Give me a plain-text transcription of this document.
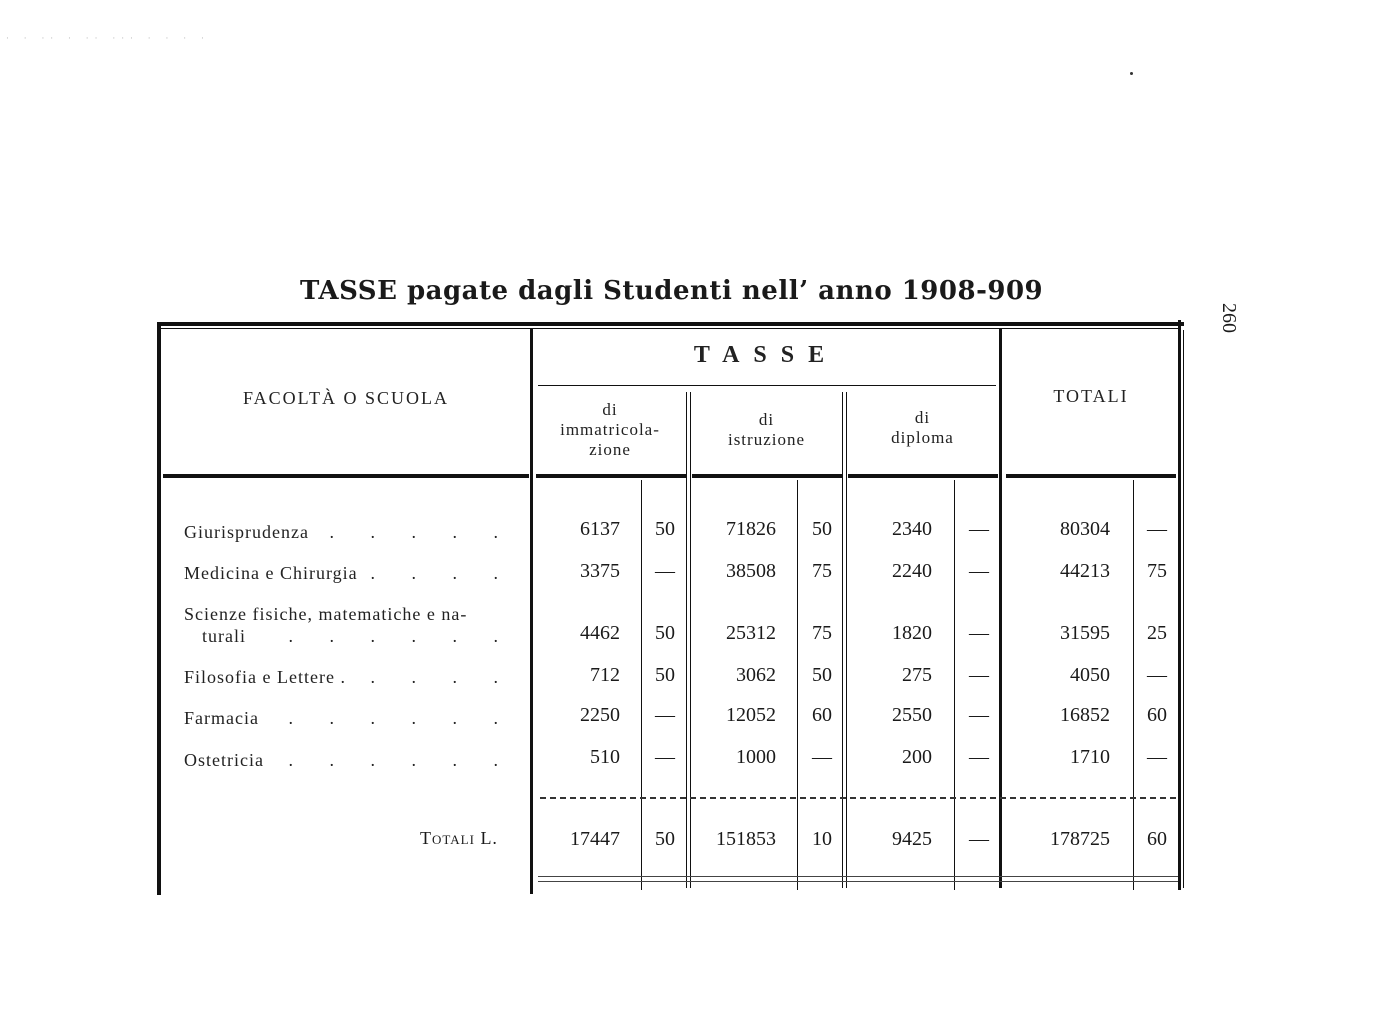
· · ·· · ·· ··· · · · ·
TASSE pagate dagli Studenti nell’ anno 1908-909
260
FACOLTÀ O SCUOLA
TASSE
di
immatricola-
zione
di
istruzione
di
diploma
TOTALI
Giurisprudenza . . . . .	6137	50	71826	50	2340	—	80304	—
Medicina e Chirurgia . . . .	3375	—	38508	75	2240	—	44213	75
Scienze fisiche, matematiche e na-
turali . . . . . .	4462	50	25312	75	1820	—	31595	25
Filosofia e Lettere . . . . .	712	50	3062	50	275	—	4050	—
Farmacia . . . . . .	2250	—	12052	60	2550	—	16852	60
Ostetricia . . . . . .	510	—	1000	—	200	—	1710	—
Totali L.	17447	50	151853	10	9425	—	178725	60
